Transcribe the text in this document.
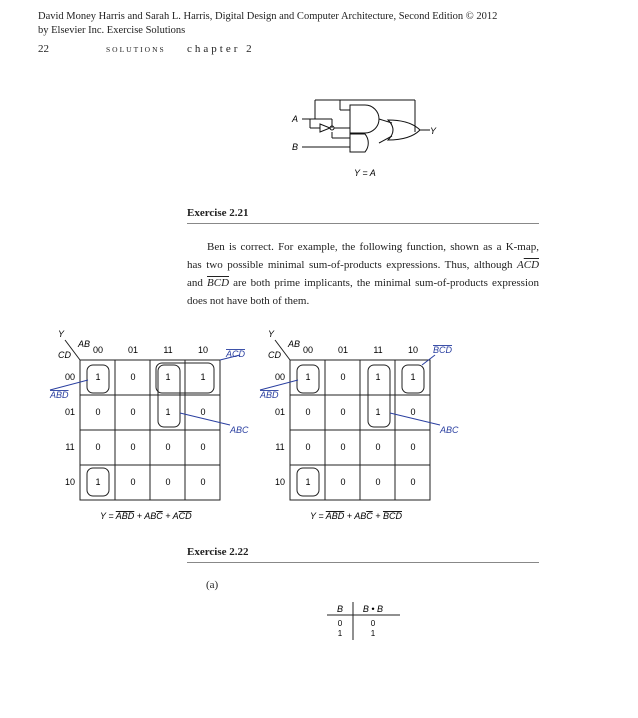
David Money Harris and Sarah L. Harris, Digital Design and Computer Architecture, Second Edition © 2012
by Elsevier Inc. Exercise Solutions
22	SOLUTIONS chapter 2
A
B
Y
Y = A
Exercise 2.21
Ben is correct. For example, the following function, shown as a K-map, has two possible minimal sum-of-products expressions. Thus, although $A\overline{CD}$ and $\overline{BCD}$ are both prime implicants, the minimal sum-of-products expression does not have both of them.
Y
AB
CD 00	01	11	10
00
01
11
10
1	0	1	1
0	0	1	0
0	0	0	0
1	0	0	0
ACD
ABD
ABC
Y = ABD + ABC + ACD
Y
AB
CD 00	01	11	10
00
01
11
10
1	0	1	1
0	0	1	0
0	0	0	0
1	0	0	0
BCD
ABD
ABC
Y = ABD + ABC + BCD
Exercise 2.22
(a)
B B • B
0	0
1	1
